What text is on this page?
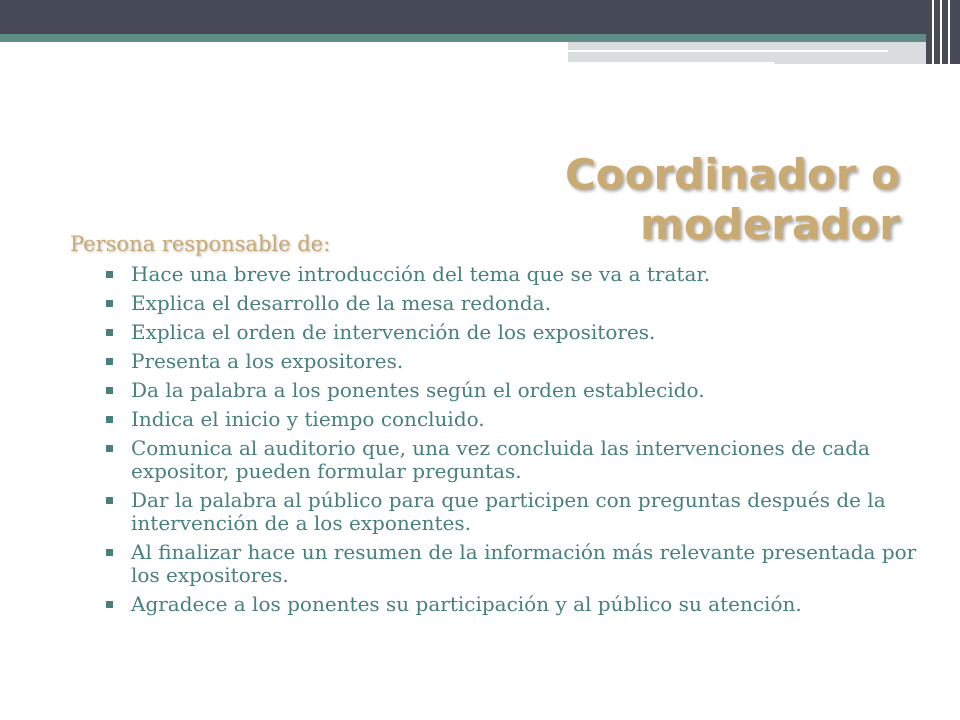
Coordinador o moderador
Persona responsable de:
Hace una breve introducción del tema que se va a tratar.
Explica el desarrollo de la mesa redonda.
Explica el orden de intervención de los expositores.
Presenta a los expositores.
Da la palabra a los ponentes según el orden establecido.
Indica el inicio y tiempo concluido.
Comunica al auditorio que, una vez concluida las intervenciones de cada expositor, pueden formular preguntas.
Dar la palabra al público para que participen con preguntas después de la intervención de a los exponentes.
Al finalizar hace un resumen de la información más relevante presentada por los expositores.
Agradece a los ponentes su participación y al público su atención.
